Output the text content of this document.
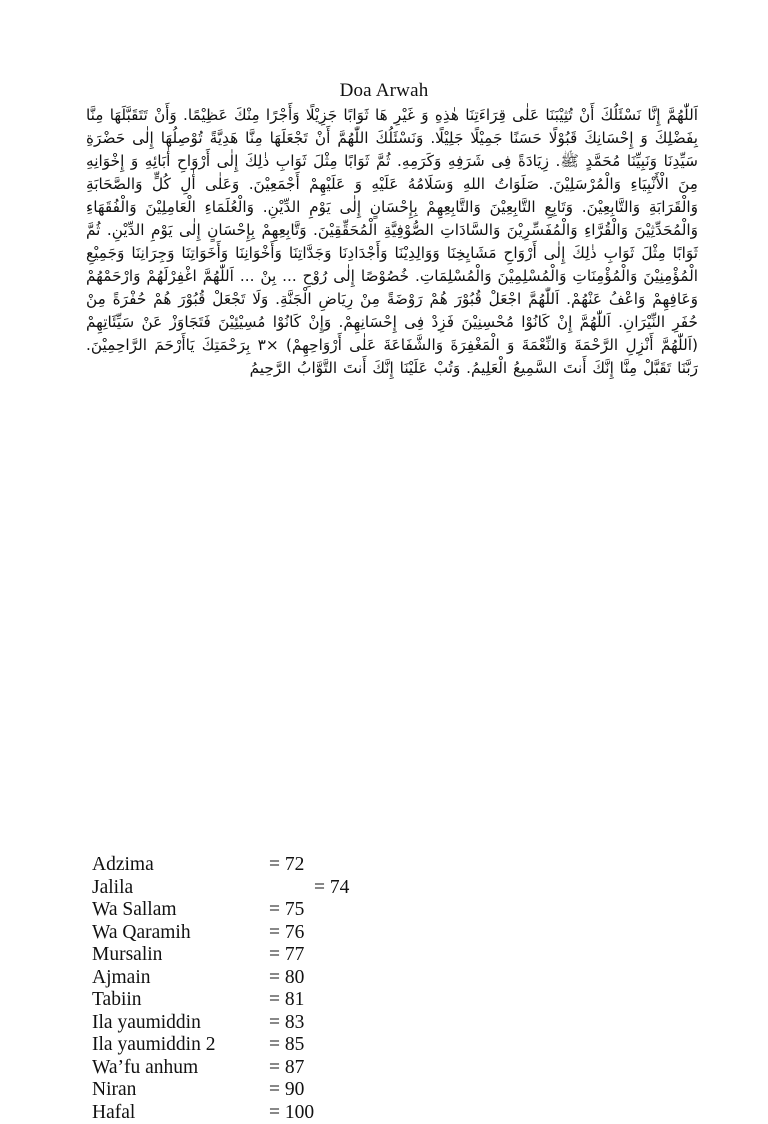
Doa Arwah

اَللّٰهُمَّ إِنَّا نَسْئَلُكَ أَنْ تُثِيْبَنَا عَلٰى قِرَاءَتِنَا هٰذِهِ وَ غَيْرِ هَا ثَوَابًا جَزِيْلًا وَأَجْرًا مِنْكَ عَظِيْمًا. وَأَنْ تَتَقَبَّلَهَا مِنَّا بِفَضْلِكَ وَ إِحْسَانِكَ قَبُوْلًا حَسَنًا جَمِيْلًا جَلِيْلًا. وَنَسْئَلُكَ اللّٰهُمَّ أَنْ تَجْعَلَهَا مِنَّا هَدِيَّةً تُوْصِلُهَا إِلٰى حَضْرَةِ سَيِّدِنَا وَنَبِيِّنَا مُحَمَّدٍ ﷺ. زِيَادَةً فِى شَرَفِهِ وَكَرَمِهِ. ثُمَّ ثَوَابًا مِثْلَ ثَوَابِ ذٰلِكَ إِلٰى أَرْوَاحِ أٰبَائِهِ وَ إِخْوَانِهِ مِنَ الْأَنْبِيَاءِ وَالْمُرْسَلِيْنَ. صَلَوَاتُ اللهِ وَسَلَامُهُ عَلَيْهِ وَ عَلَيْهِمْ أَجْمَعِيْنَ. وَعَلٰى أٰلِ كُلٍّ وَالصَّحَابَةِ وَالْقَرَابَةِ وَالتَّابِعِيْنَ. وَتَابِعِ التَّابِعِيْنَ وَالتَّابِعِهِمْ بِإِحْسَانٍ إِلٰى يَوْمِ الدِّيْنِ. وَالْعُلَمَاءِ الْعَامِلِيْنَ وَالْفُقَهَاءِ وَالْمُحَدِّثِيْنَ وَالْقُرَّاءِ وَالْمُفَسِّرِيْنَ وَالسَّادَاتِ الصُّوْفِيَّةِ الْمُحَقِّقِيْنَ. وَتَّابِعِهِمْ بِإِحْسَانٍ إِلٰى يَوْمِ الدِّيْنِ. ثُمَّ ثَوَابًا مِثْلَ ثَوَابِ ذٰلِكَ إِلٰى أَرْوَاحِ مَشَايِخِنَا وَوَالِدِيْنَا وَأَجْدَادِنَا وَجَدَّاتِنَا وَأَخْوَانِنَا وَأَخَوَاتِنَا وَجِرَانِنَا وَجَمِيْعِ الْمُؤْمِنِيْنَ وَالْمُؤْمِنَاتِ وَالْمُسْلِمِيْنَ وَالْمُسْلِمَاتِ. خُصُوْصًا إِلٰى رُوْحِ ... بِنْ ... اَللّٰهُمَّ اغْفِرْلَهُمْ وَارْحَمْهُمْ وَعَافِهِمْ وَاعْفُ عَنْهُمْ. اَللّٰهُمَّ اجْعَلْ قُبُوْرَ هُمْ رَوْضَةً مِنْ رِيَاضِ الْجَنَّةِ. وَلَا تَجْعَلْ قُبُوْرَ هُمْ حُفْرَةً مِنْ حُفَرِ النِّيْرَانِ. اَللّٰهُمَّ إِنْ كَانُوْا مُحْسِنِيْنَ فَزِدْ فِى إِحْسَانِهِمْ. وَإِنْ كَانُوْا مُسِيْئِيْنَ فَتَجَاوَزْ عَنْ سَيِّئَاتِهِمْ (اَللّٰهُمَّ أَنْزِلِ الرَّحْمَةَ وَالنِّعْمَةَ وَ الْمَغْفِرَةَ وَالشَّفَاعَةَ عَلٰى أَرْوَاحِهِمْ) ×٣ بِرَحْمَتِكَ يَاأَرْحَمَ الرَّاحِمِيْنَ. رَبَّنَا تَقَبَّلْ مِنَّا إِنَّكَ أَنتَ السَّمِيعُ الْعَلِيمُ. وَتُبْ عَلَيْنَا إِنَّكَ أَنتَ التَّوَّابُ الرَّحِيمُ

Adzima	= 72
Jalila	= 74
Wa Sallam	= 75
Wa Qaramih	= 76
Mursalin	= 77
Ajmain	= 80
Tabiin	= 81
Ila yaumiddin	= 83
Ila yaumiddin 2	= 85
Wa’fu anhum	= 87
Niran	= 90
Hafal	= 100
